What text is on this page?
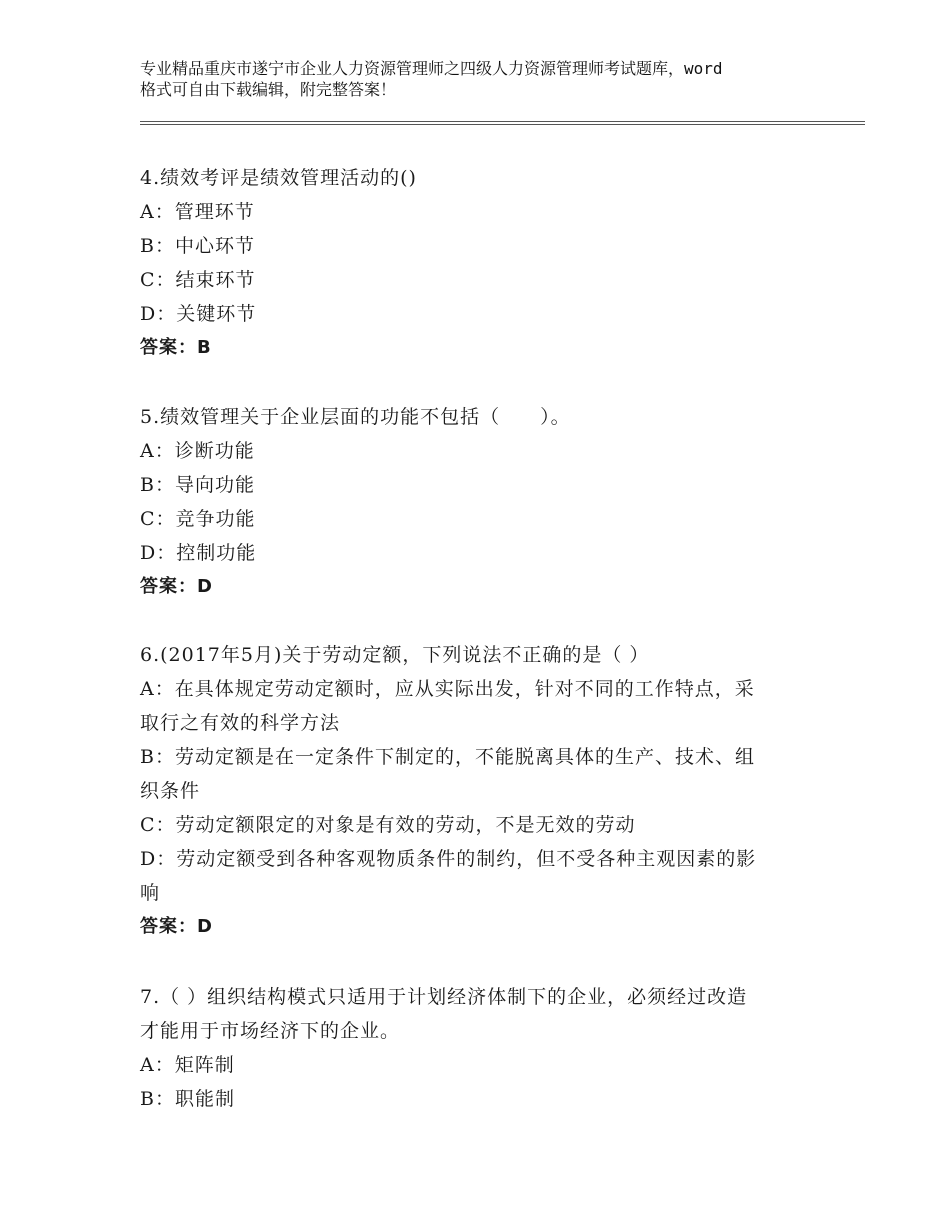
专业精品重庆市遂宁市企业人力资源管理师之四级人力资源管理师考试题库，word
格式可自由下载编辑，附完整答案！
4.绩效考评是绩效管理活动的()
A：管理环节
B：中心环节
C：结束环节
D：关键环节
答案：B
5.绩效管理关于企业层面的功能不包括（　　）。
A：诊断功能
B：导向功能
C：竞争功能
D：控制功能
答案：D
6.(2017年5月)关于劳动定额，下列说法不正确的是（ ）
A：在具体规定劳动定额时，应从实际出发，针对不同的工作特点，采
取行之有效的科学方法
B：劳动定额是在一定条件下制定的，不能脱离具体的生产、技术、组
织条件
C：劳动定额限定的对象是有效的劳动，不是无效的劳动
D：劳动定额受到各种客观物质条件的制约，但不受各种主观因素的影
响
答案：D
7.（ ）组织结构模式只适用于计划经济体制下的企业，必须经过改造
才能用于市场经济下的企业。
A：矩阵制
B：职能制
